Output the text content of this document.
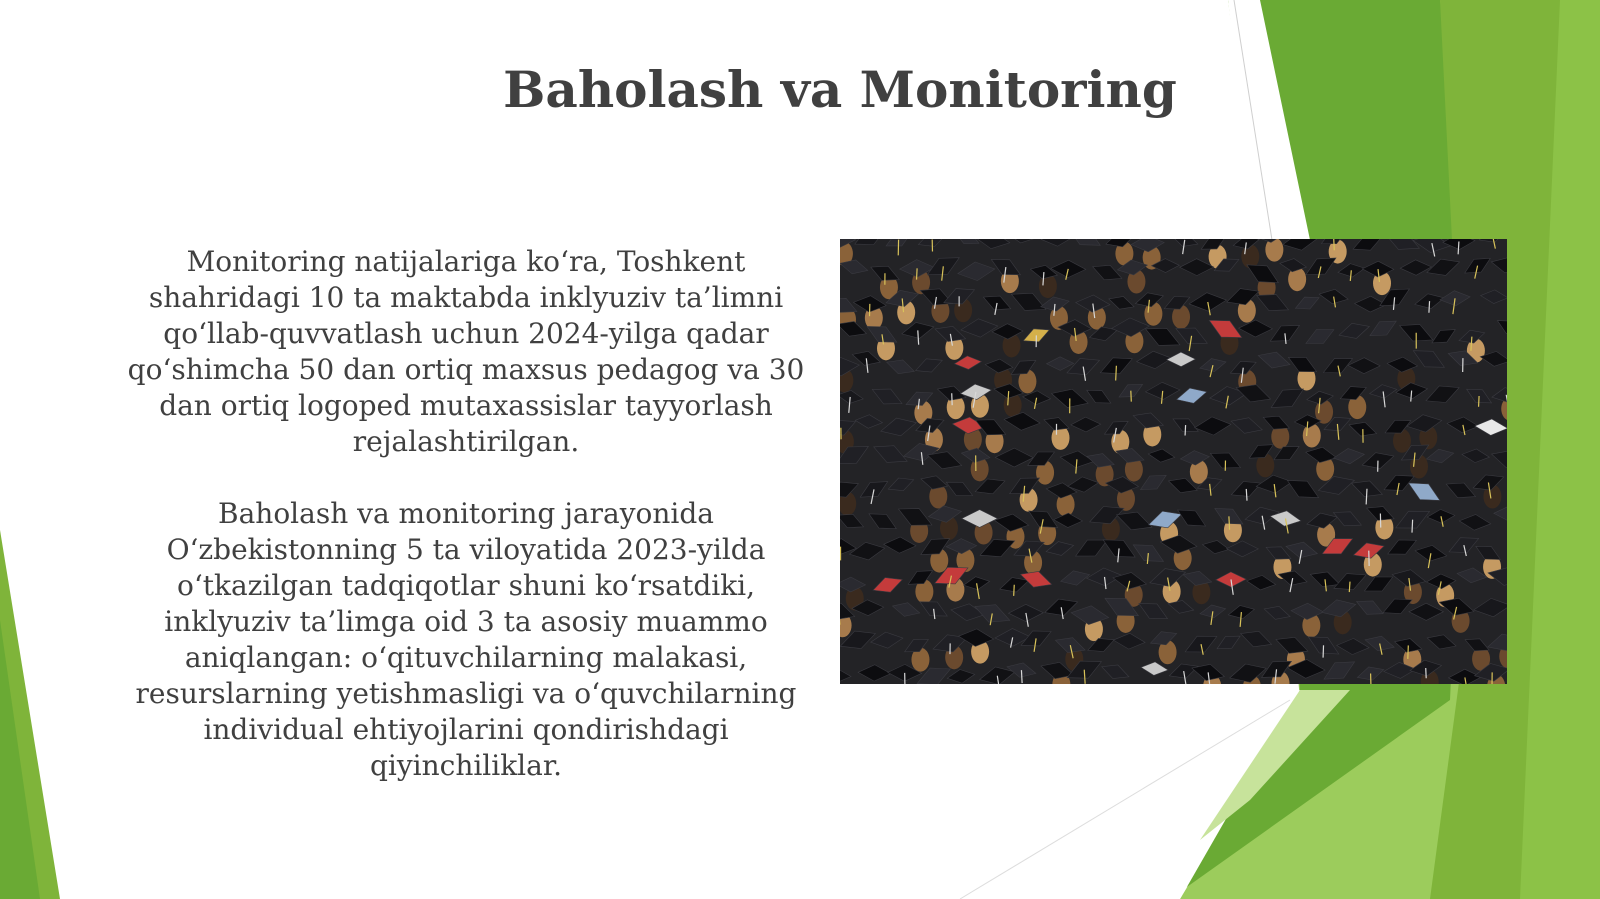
Baholash va Monitoring

Monitoring natijalariga ko‘ra, Toshkent shahridagi 10 ta maktabda inklyuziv ta’limni qo‘llab-quvvatlash uchun 2024-yilga qadar qo‘shimcha 50 dan ortiq maxsus pedagog va 30 dan ortiq logoped mutaxassislar tayyorlash rejalashtirilgan.

Baholash va monitoring jarayonida O‘zbekistonning 5 ta viloyatida 2023-yilda o‘tkazilgan tadqiqotlar shuni ko‘rsatdiki, inklyuziv ta’limga oid 3 ta asosiy muammo aniqlangan: o‘qituvchilarning malakasi, resurslarning yetishmasligi va o‘quvchilarning individual ehtiyojlarini qondirishdagi qiyinchiliklar.
